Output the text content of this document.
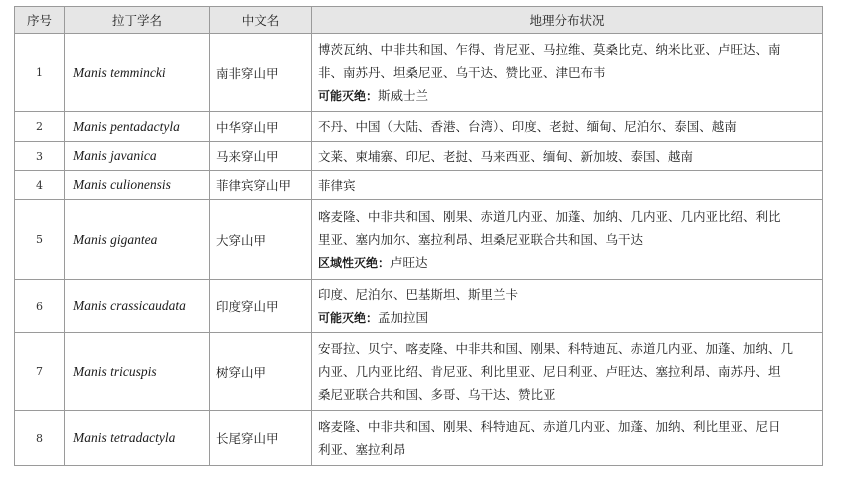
序号	拉丁学名	中文名	地理分布状况
1	Manis temmincki	南非穿山甲	博茨瓦纳、中非共和国、乍得、肯尼亚、马拉维、莫桑比克、纳米比亚、卢旺达、南
非、南苏丹、坦桑尼亚、乌干达、赞比亚、津巴布韦
可能灭绝：斯威士兰

2	Manis pentadactyla	中华穿山甲	不丹、中国（大陆、香港、台湾）、印度、老挝、缅甸、尼泊尔、泰国、越南

3	Manis javanica	马来穿山甲	文莱、柬埔寨、印尼、老挝、马来西亚、缅甸、新加坡、泰国、越南

4	Manis culionensis	菲律宾穿山甲	菲律宾

5	Manis gigantea	大穿山甲	喀麦隆、中非共和国、刚果、赤道几内亚、加蓬、加纳、几内亚、几内亚比绍、利比
里亚、塞内加尔、塞拉利昂、坦桑尼亚联合共和国、乌干达
区域性灭绝：卢旺达

6	Manis crassicaudata	印度穿山甲	印度、尼泊尔、巴基斯坦、斯里兰卡
可能灭绝：孟加拉国

7	Manis tricuspis	树穿山甲	安哥拉、贝宁、喀麦隆、中非共和国、刚果、科特迪瓦、赤道几内亚、加蓬、加纳、几
内亚、几内亚比绍、肯尼亚、利比里亚、尼日利亚、卢旺达、塞拉利昂、南苏丹、坦
桑尼亚联合共和国、多哥、乌干达、赞比亚

8	Manis tetradactyla	长尾穿山甲	喀麦隆、中非共和国、刚果、科特迪瓦、赤道几内亚、加蓬、加纳、利比里亚、尼日
利亚、塞拉利昂
